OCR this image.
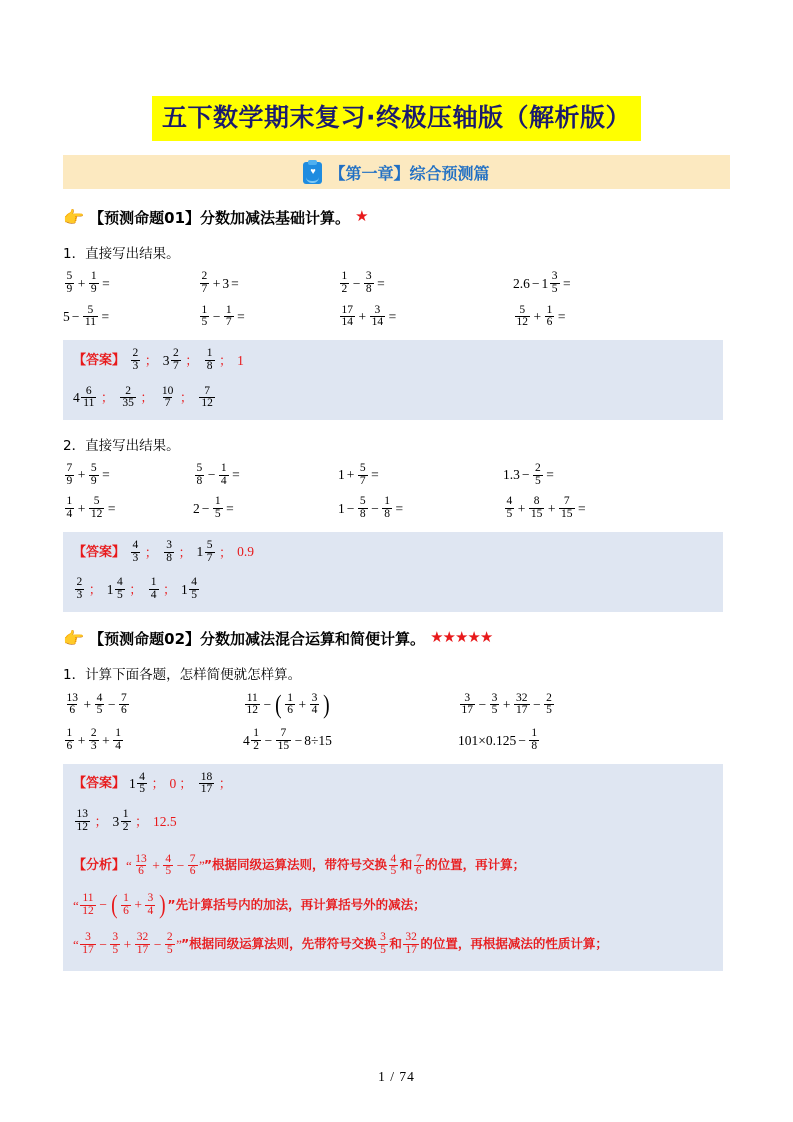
五下数学期末复习·终极压轴版（解析版）
♥ 【第一章】综合预测篇
👉 【预测命题01】分数加减法基础计算。 ★
1．直接写出结果。
$\frac{5}{9} + \frac{1}{9}$ =	$\frac{2}{7} + 3$ =	$\frac{1}{2} - \frac{3}{8}$ =	$2.6 - 1 \frac{3}{5}$ =
$5 - \frac{5}{11}$ =	$\frac{1}{5} - \frac{1}{7}$ =	$\frac{17}{14} + \frac{3}{14}$ =	$\frac{5}{12} + \frac{1}{6}$ =
【答案】 $\frac{2}{3}$ ； $3 \frac{2}{7}$ ； $\frac{1}{8}$ ； 1
$4 \frac{6}{11}$ ； $\frac{2}{35}$ ； $\frac{10}{7}$ ； $\frac{7}{12}$
2．直接写出结果。
$\frac{7}{9} + \frac{5}{9}$ =	$\frac{5}{8} - \frac{1}{4}$ =	$1 + \frac{5}{7}$ =	$1.3 - \frac{2}{5}$ =
$\frac{1}{4} + \frac{5}{12}$ =	$2 - \frac{1}{5}$ =	$1 - \frac{5}{8} - \frac{1}{8}$ =	$\frac{4}{5} + \frac{8}{15} + \frac{7}{15}$ =
【答案】 $\frac{4}{3}$ ； $\frac{3}{8}$ ； $1 \frac{5}{7}$ ； 0.9
$\frac{2}{3}$ ； $1 \frac{4}{5}$ ； $\frac{1}{4}$ ； $1 \frac{4}{5}$
👉 【预测命题02】分数加减法混合运算和简便计算。 ★★★★★
1．计算下面各题，怎样简便就怎样算。
$\frac{13}{6} + \frac{4}{5} - \frac{7}{6}$	$\frac{11}{12}$ − ( $\frac{1}{6} + \frac{3}{4}$ )	$\frac{3}{17} - \frac{3}{5} + \frac{32}{17} - \frac{2}{5}$
$\frac{1}{6} + \frac{2}{3} + \frac{1}{4}$	$4 \frac{1}{2} - \frac{7}{15} - 8\div 15$	$101\times 0.125 - \frac{1}{8}$
【答案】 $1 \frac{4}{5}$ ； 0 ； $\frac{18}{17}$ ；
$\frac{13}{12}$ ； $3 \frac{1}{2}$ ； 12.5
【分析】 “ $\frac{13}{6} + \frac{4}{5} - \frac{7}{6}$ ” ”根据同级运算法则，带符号交换 $\frac{4}{5}$ 和 $\frac{7}{6}$ 的位置，再计算；
“ $\frac{11}{12}$ − ( $\frac{1}{6} + \frac{3}{4}$ ) ”先计算括号内的加法，再计算括号外的减法；
“ $\frac{3}{17} - \frac{3}{5} + \frac{32}{17} - \frac{2}{5}$ ” ”根据同级运算法则，先带符号交换 $\frac{3}{5}$ 和 $\frac{32}{17}$ 的位置，再根据减法的性质计算；
1 / 74
